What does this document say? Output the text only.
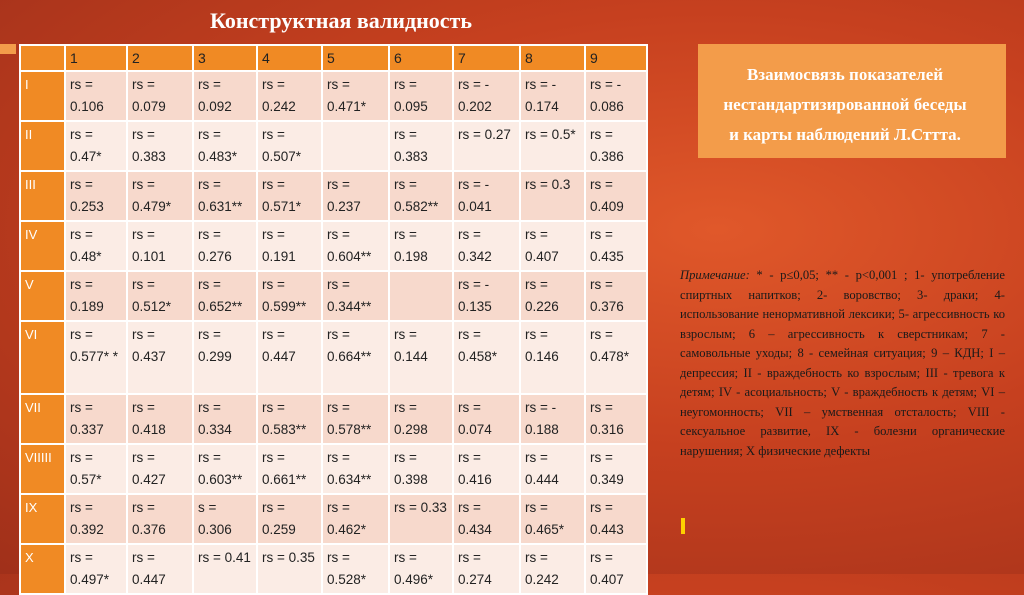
Конструктная валидность
	1	2	3	4	5	6	7	8	9
I	rs = 0.106	rs = 0.079	rs = 0.092	rs = 0.242	rs = 0.471*	rs = 0.095	rs = - 0.202	rs = - 0.174	rs = - 0.086
II	rs = 0.47*	rs = 0.383	rs = 0.483*	rs = 0.507*		rs = 0.383	rs = 0.27	rs = 0.5*	rs = 0.386
III	rs = 0.253	rs = 0.479*	rs = 0.631**	rs = 0.571*	rs = 0.237	rs = 0.582**	rs = - 0.041	rs = 0.3	rs = 0.409
IV	rs = 0.48*	rs = 0.101	rs = 0.276	rs = 0.191	rs = 0.604**	rs = 0.198	rs = 0.342	rs = 0.407	rs = 0.435
V	rs = 0.189	rs = 0.512*	rs = 0.652**	rs = 0.599**	rs = 0.344**		rs = - 0.135	rs = 0.226	rs = 0.376
VI	rs = 0.577* *	rs = 0.437	rs = 0.299	rs = 0.447	rs = 0.664**	rs = 0.144	rs = 0.458*	rs = 0.146	rs = 0.478*
VII	rs = 0.337	rs = 0.418	rs = 0.334	rs = 0.583**	rs = 0.578**	rs = 0.298	rs = 0.074	rs = - 0.188	rs = 0.316
VIIIII	rs = 0.57*	rs = 0.427	rs = 0.603**	rs = 0.661**	rs = 0.634**	rs = 0.398	rs = 0.416	rs = 0.444	rs = 0.349
IX	rs = 0.392	rs = 0.376	s = 0.306	rs = 0.259	rs = 0.462*	rs = 0.33	rs = 0.434	rs = 0.465*	rs = 0.443
X	rs = 0.497*	rs = 0.447	rs = 0.41	rs = 0.35	rs = 0.528*	rs = 0.496*	rs = 0.274	rs = 0.242	rs = 0.407
Взаимосвязь показателей
нестандартизированной беседы
и карты наблюдений Л.Сттта.
Примечание: * - p≤0,05; ** - p<0,001 ; 1- употребление спиртных напитков; 2- воровство; 3- драки; 4- использование ненормативной лексики; 5- агрессивность ко взрослым; 6 – агрессивность к сверстникам; 7 - самовольные уходы; 8 - семейная ситуация; 9 – КДН; I – депрессия; II - враждебность ко взрослым; III - тревога к детям; IV - асоциальность; V - враждебность к детям; VI – неугомонность; VII – умственная отсталость; VIII - сексуальное развитие, IX - болезни органические нарушения; X физические дефекты
